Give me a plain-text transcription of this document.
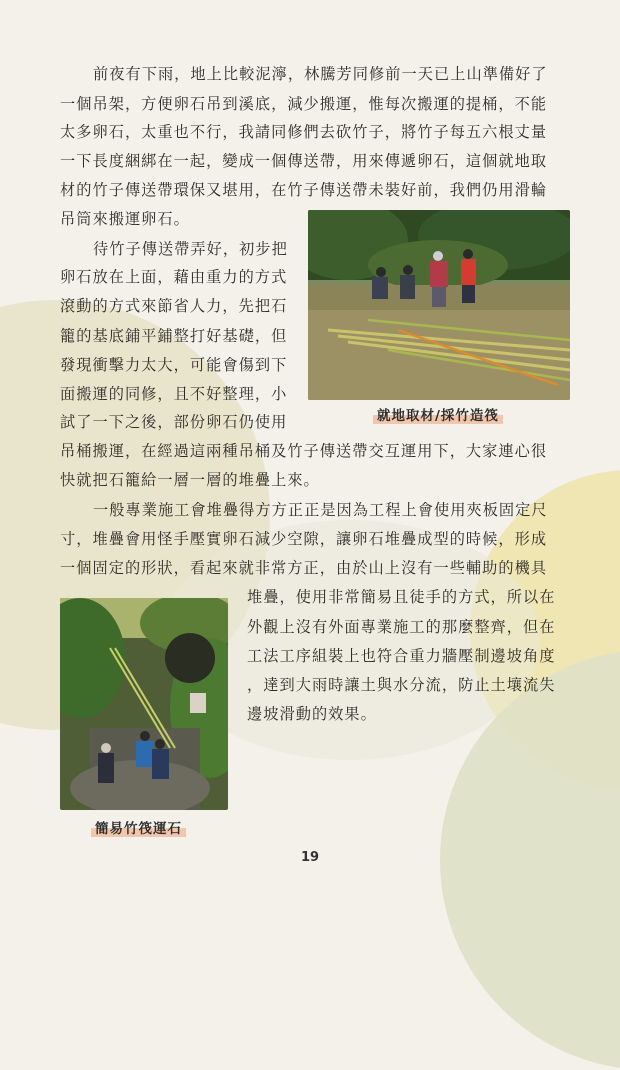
前夜有下雨，地上比較泥濘，林騰芳同修前一天已上山準備好了
一個吊架，方便卵石吊到溪底，減少搬運，惟每次搬運的提桶，不能
太多卵石，太重也不行，我請同修們去砍竹子，將竹子每五六根丈量
一下長度綑綁在一起，變成一個傳送帶，用來傳遞卵石，這個就地取
材的竹子傳送帶環保又堪用，在竹子傳送帶未裝好前，我們仍用滑輪
吊筒來搬運卵石。
待竹子傳送帶弄好，初步把
卵石放在上面，藉由重力的方式
滾動的方式來節省人力，先把石
籠的基底鋪平鋪整打好基礎，但
發現衝擊力太大，可能會傷到下
面搬運的同修，且不好整理，小
試了一下之後，部份卵石仍使用
吊桶搬運，在經過這兩種吊桶及竹子傳送帶交互運用下，大家連心很
快就把石籠給一層一層的堆疊上來。
一般專業施工會堆疊得方方正正是因為工程上會使用夾板固定尺
寸，堆疊會用怪手壓實卵石減少空隙，讓卵石堆疊成型的時候，形成
一個固定的形狀，看起來就非常方正，由於山上沒有一些輔助的機具
堆疊，使用非常簡易且徒手的方式，所以在
外觀上沒有外面專業施工的那麼整齊，但在
工法工序組裝上也符合重力牆壓制邊坡角度
，達到大雨時讓土與水分流，防止土壤流失
邊坡滑動的效果。
就地取材/採竹造筏
簡易竹筏運石
19
